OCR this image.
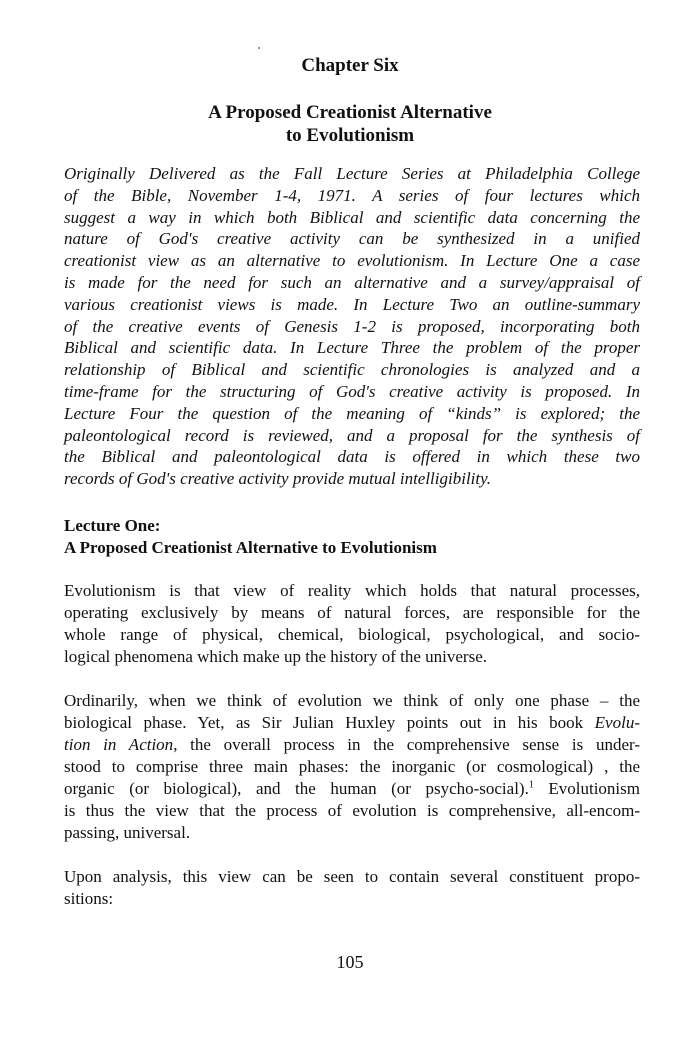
Chapter Six
A Proposed Creationist Alternative
to Evolutionism

Originally Delivered as the Fall Lecture Series at Philadelphia College
of the Bible, November 1-4, 1971. A series of four lectures which
suggest a way in which both Biblical and scientific data concerning the
nature of God's creative activity can be synthesized in a unified
creationist view as an alternative to evolutionism. In Lecture One a case
is made for the need for such an alternative and a survey/appraisal of
various creationist views is made. In Lecture Two an outline-summary
of the creative events of Genesis 1-2 is proposed, incorporating both
Biblical and scientific data. In Lecture Three the problem of the proper
relationship of Biblical and scientific chronologies is analyzed and a
time-frame for the structuring of God's creative activity is proposed. In
Lecture Four the question of the meaning of “kinds” is explored; the
paleontological record is reviewed, and a proposal for the synthesis of
the Biblical and paleontological data is offered in which these two
records of God's creative activity provide mutual intelligibility.

Lecture One:
A Proposed Creationist Alternative to Evolutionism

Evolutionism is that view of reality which holds that natural processes,
operating exclusively by means of natural forces, are responsible for the
whole range of physical, chemical, biological, psychological, and socio-
logical phenomena which make up the history of the universe.

Ordinarily, when we think of evolution we think of only one phase – the
biological phase. Yet, as Sir Julian Huxley points out in his book Evolu-
tion in Action, the overall process in the comprehensive sense is under-
stood to comprise three main phases: the inorganic (or cosmological) , the
organic (or biological), and the human (or psycho-social).$^1$ Evolutionism
is thus the view that the process of evolution is comprehensive, all-encom-
passing, universal.

Upon analysis, this view can be seen to contain several constituent propo-
sitions:

105
